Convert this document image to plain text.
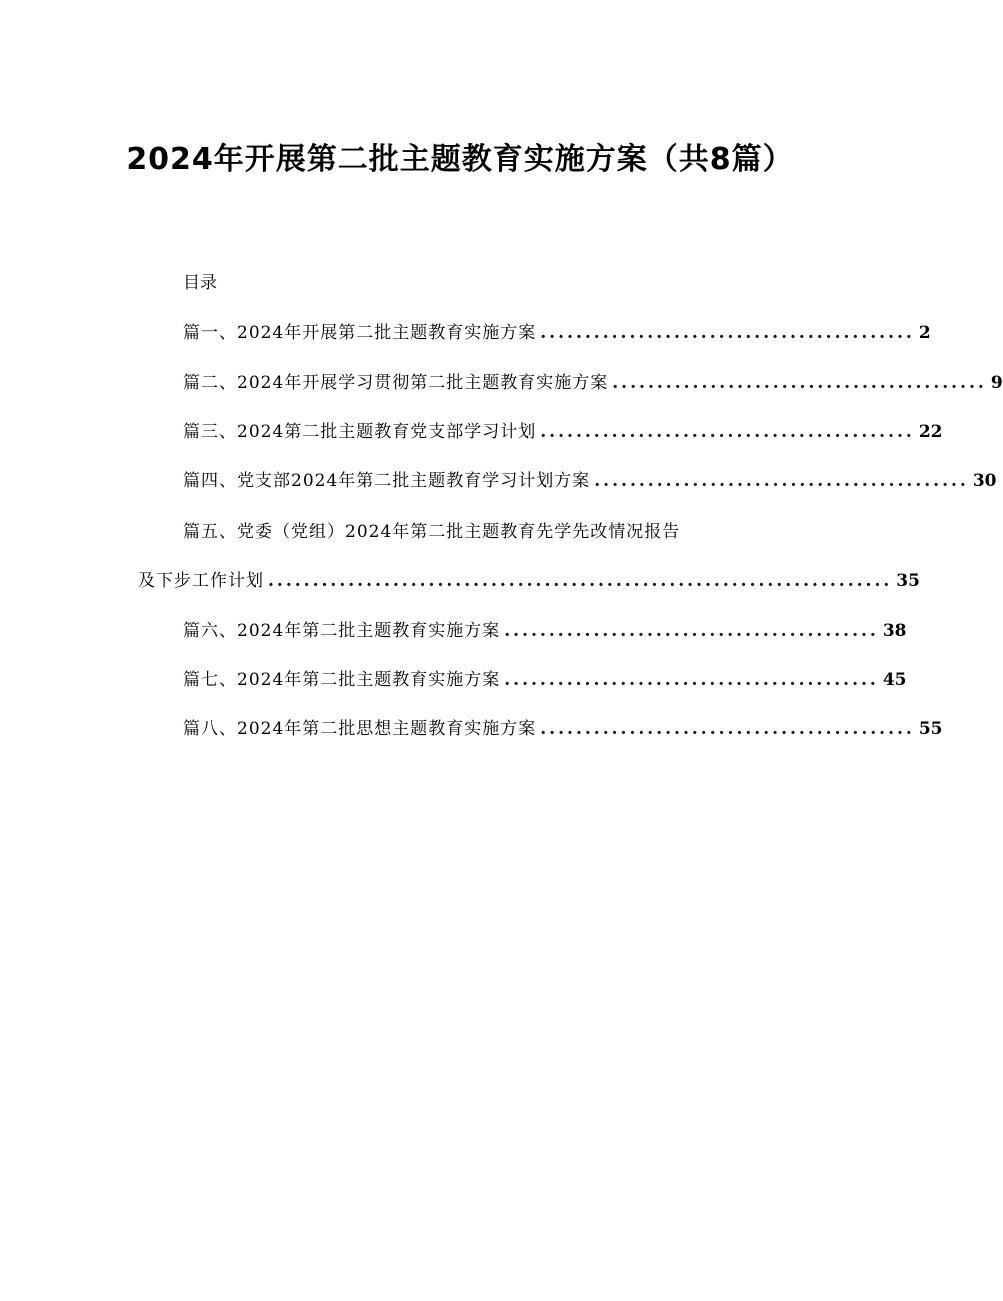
2024年开展第二批主题教育实施方案（共8篇）
目录
篇一、2024年开展第二批主题教育实施方案 .......................................... 2
篇二、2024年开展学习贯彻第二批主题教育实施方案 .......................................... 9
篇三、2024第二批主题教育党支部学习计划 .......................................... 22
篇四、党支部2024年第二批主题教育学习计划方案 .......................................... 30
篇五、党委（党组）2024年第二批主题教育先学先改情况报告
及下步工作计划 ...................................................................... 35
篇六、2024年第二批主题教育实施方案 .......................................... 38
篇七、2024年第二批主题教育实施方案 .......................................... 45
篇八、2024年第二批思想主题教育实施方案 .......................................... 55
